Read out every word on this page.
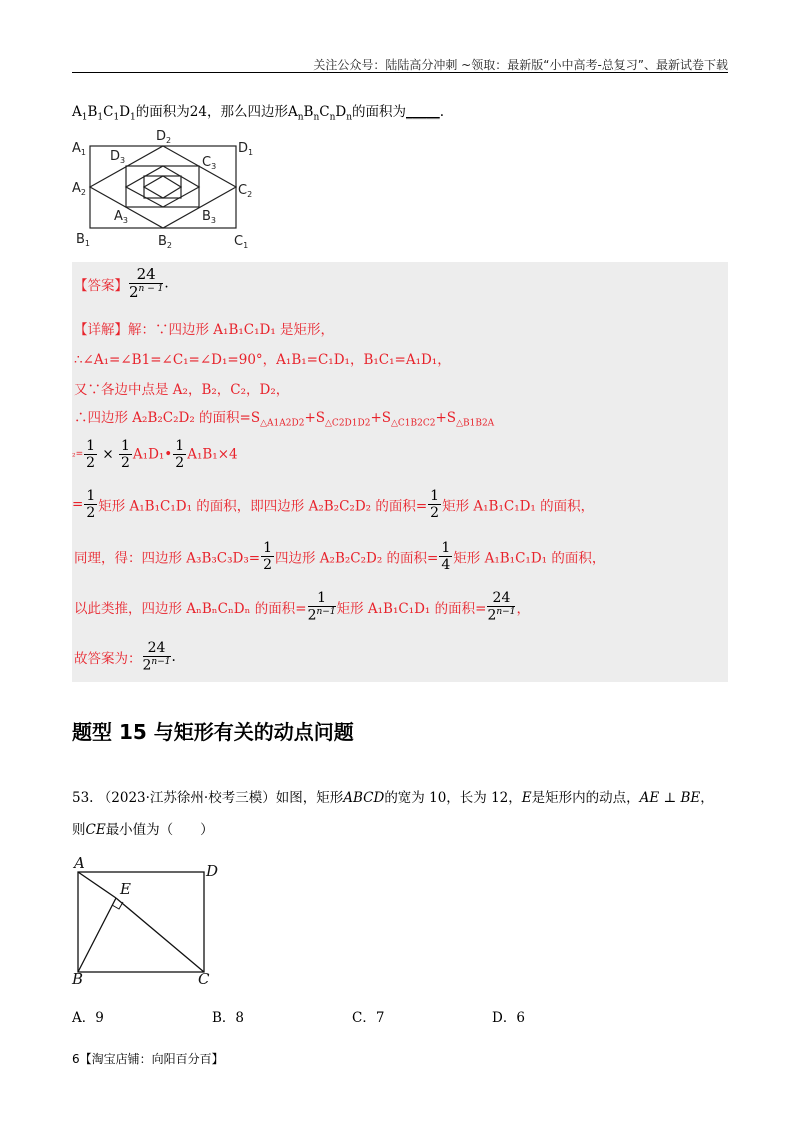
关注公众号：陆陆高分冲刺 ~领取：最新版“小中高考-总复习”、最新试卷下载
$A_1B_1C_1D_1$的面积为24，那么四边形$A_nB_nC_nD_n$的面积为_____.
$A_1$
$D_2$
$D_1$
$D_3$	$C_3$
$A_2$	$C_2$
$A_3$	$B_3$
$B_1$	$B_2$	$C_1$
【答案】 $\frac{24}{2^{n - 1}}$ .
【详解】解：∵四边形 A₁B₁C₁D₁ 是矩形，
∴∠A₁=∠B1=∠C₁=∠D₁=90°，A₁B₁=C₁D₁，B₁C₁=A₁D₁，
又∵各边中点是 A₂，B₂，C₂，D₂，
∴四边形 A₂B₂C₂D₂ 的面积$=S_{\triangle A1A2D2}+S_{\triangle C2D1D2}+S_{\triangle C1B2C2}+S_{\triangle B1B2A}$
$_2= \frac{1}{2} \times \frac{1}{2}$ A₁D₁• $\frac{1}{2} A_1B_1\times 4$
= $\frac{1}{2}$ 矩形 A₁B₁C₁D₁ 的面积，即四边形 A₂B₂C₂D₂ 的面积= $\frac{1}{2}$ 矩形 A₁B₁C₁D₁ 的面积，
同理，得：四边形 $A_3B_3C_3D_3= \frac{1}{2}$ 四边形 A₂B₂C₂D₂ 的面积= $\frac{1}{4}$ 矩形 A₁B₁C₁D₁ 的面积，
以此类推，四边形 AₙBₙCₙDₙ 的面积= $\frac{1}{2^{n-1}}$ 矩形 A₁B₁C₁D₁ 的面积= $\frac{24}{2^{n-1}}$ ，
故答案为： $\frac{24}{2^{n-1}}$ .
题型 15 与矩形有关的动点问题
53. （2023·江苏徐州·校考三模）如图，矩形ABCD的宽为 10，长为 12，E是矩形内的动点，AE ⊥ BE，
则CE最小值为（　　）
A	D
E
B	C
A．9	B．8	C．7	D．6
6【淘宝店铺：向阳百分百】
